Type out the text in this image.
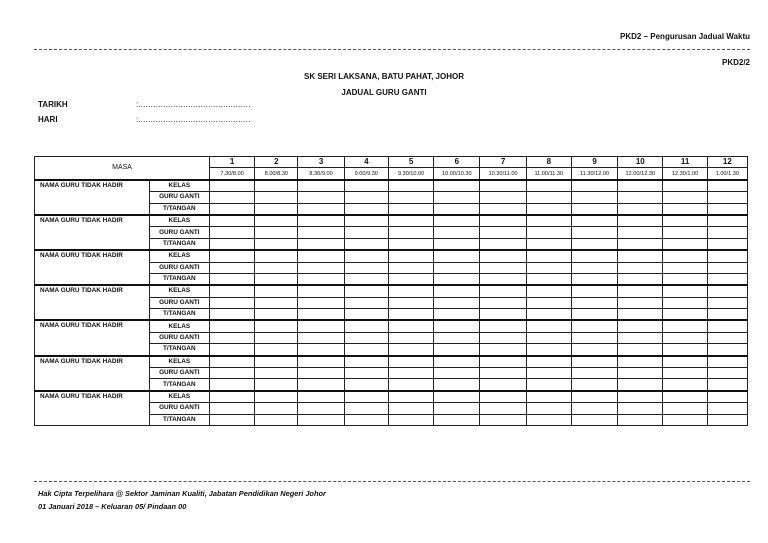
PKD2 – Pengurusan Jadual Waktu
PKD2/2
SK SERI LAKSANA, BATU PAHAT, JOHOR
JADUAL GURU GANTI
TARIKH	:………………………………………
HARI	:………………………………………
MASA		1	2	3	4	5	6	7	8	9	10	11	12
		7.30/8.00	8.00/8.30	8.30/9.00	9.00/9.30	9.30/10.00	10.00/10.30	10.30/11.00	11.00/11.30	11.30/12.00	12.00/12.30	12.30/1.00	1.00/1.30
NAMA GURU TIDAK HADIR	KELAS												
	GURU GANTI												
	T/TANGAN												
NAMA GURU TIDAK HADIR	KELAS												
	GURU GANTI												
	T/TANGAN												
NAMA GURU TIDAK HADIR	KELAS												
	GURU GANTI												
	T/TANGAN												
NAMA GURU TIDAK HADIR	KELAS												
	GURU GANTI												
	T/TANGAN												
NAMA GURU TIDAK HADIR	KELAS												
	GURU GANTI												
	T/TANGAN												
NAMA GURU TIDAK HADIR	KELAS												
	GURU GANTI												
	T/TANGAN												
NAMA GURU TIDAK HADIR	KELAS												
	GURU GANTI												
	T/TANGAN												
Hak Cipta Terpelihara @ Sektor Jaminan Kualiti, Jabatan Pendidikan Negeri Johor
01 Januari 2018 – Keluaran 05/ Pindaan 00
